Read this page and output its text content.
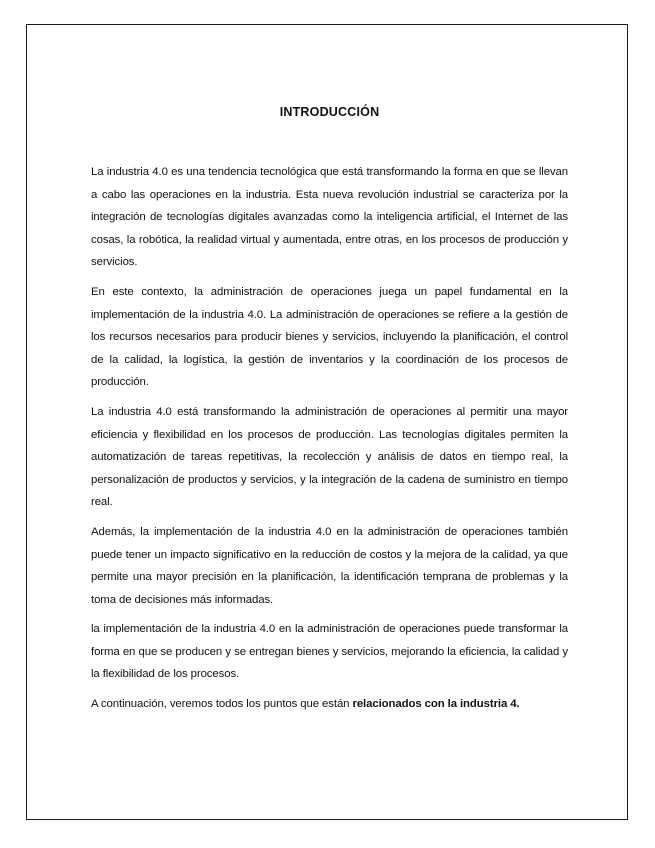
INTRODUCCIÓN

La industria 4.0 es una tendencia tecnológica que está transformando la forma en que se llevan a cabo las operaciones en la industria. Esta nueva revolución industrial se caracteriza por la integración de tecnologías digitales avanzadas como la inteligencia artificial, el Internet de las cosas, la robótica, la realidad virtual y aumentada, entre otras, en los procesos de producción y servicios.

En este contexto, la administración de operaciones juega un papel fundamental en la implementación de la industria 4.0. La administración de operaciones se refiere a la gestión de los recursos necesarios para producir bienes y servicios, incluyendo la planificación, el control de la calidad, la logística, la gestión de inventarios y la coordinación de los procesos de producción.

La industria 4.0 está transformando la administración de operaciones al permitir una mayor eficiencia y flexibilidad en los procesos de producción. Las tecnologías digitales permiten la automatización de tareas repetitivas, la recolección y análisis de datos en tiempo real, la personalización de productos y servicios, y la integración de la cadena de suministro en tiempo real.

Además, la implementación de la industria 4.0 en la administración de operaciones también puede tener un impacto significativo en la reducción de costos y la mejora de la calidad, ya que permite una mayor precisión en la planificación, la identificación temprana de problemas y la toma de decisiones más informadas.

la implementación de la industria 4.0 en la administración de operaciones puede transformar la forma en que se producen y se entregan bienes y servicios, mejorando la eficiencia, la calidad y la flexibilidad de los procesos.

A continuación, veremos todos los puntos que están relacionados con la industria 4.
